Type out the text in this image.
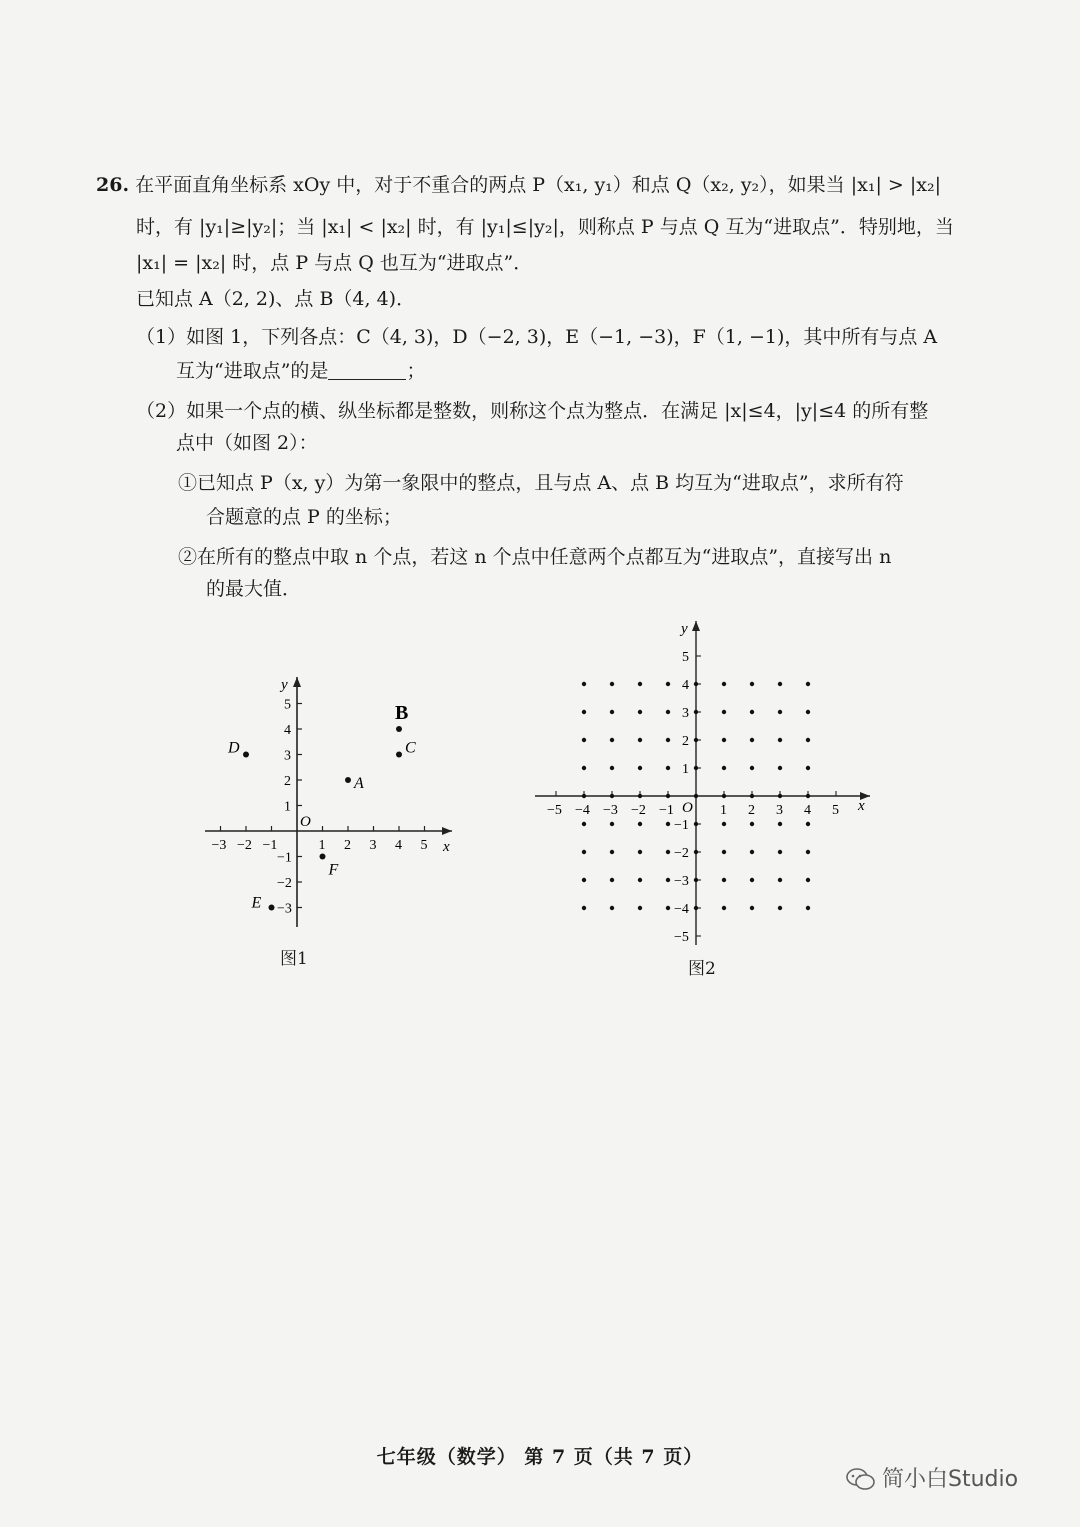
26. 在平面直角坐标系 xOy 中，对于不重合的两点 P（x₁, y₁）和点 Q（x₂, y₂），如果当 |x₁| > |x₂|
时，有 |y₁|≥|y₂|；当 |x₁| < |x₂| 时，有 |y₁|≤|y₂|，则称点 P 与点 Q 互为“进取点”．特别地，当
|x₁| = |x₂| 时，点 P 与点 Q 也互为“进取点”．
已知点 A（2, 2)、点 B（4, 4)．
（1）如图 1，下列各点：C（4, 3)，D（−2, 3)，E（−1, −3)，F（1, −1)，其中所有与点 A
互为“进取点”的是	；
（2）如果一个点的横、纵坐标都是整数，则称这个点为整点．在满足 |x|≤4，|y|≤4 的所有整
点中（如图 2）：
①已知点 P（x, y）为第一象限中的整点，且与点 A、点 B 均互为“进取点”，求所有符
合题意的点 P 的坐标；
②在所有的整点中取 n 个点，若这 n 个点中任意两个点都互为“进取点”，直接写出 n
的最大值．
x
y
O
−3 −2 −1	1 2 3 4 5
−3
−2
−1
1
2
3
4
5
A
B
C
D
E
F
图1
x
y
O
−5 −4 −3 −2 −1	1 2 3 4 5
−5
−4
−3
−2
−1
1
2
3
4
5
图2
七年级（数学） 第 7 页（共 7 页）
简小白Studio
